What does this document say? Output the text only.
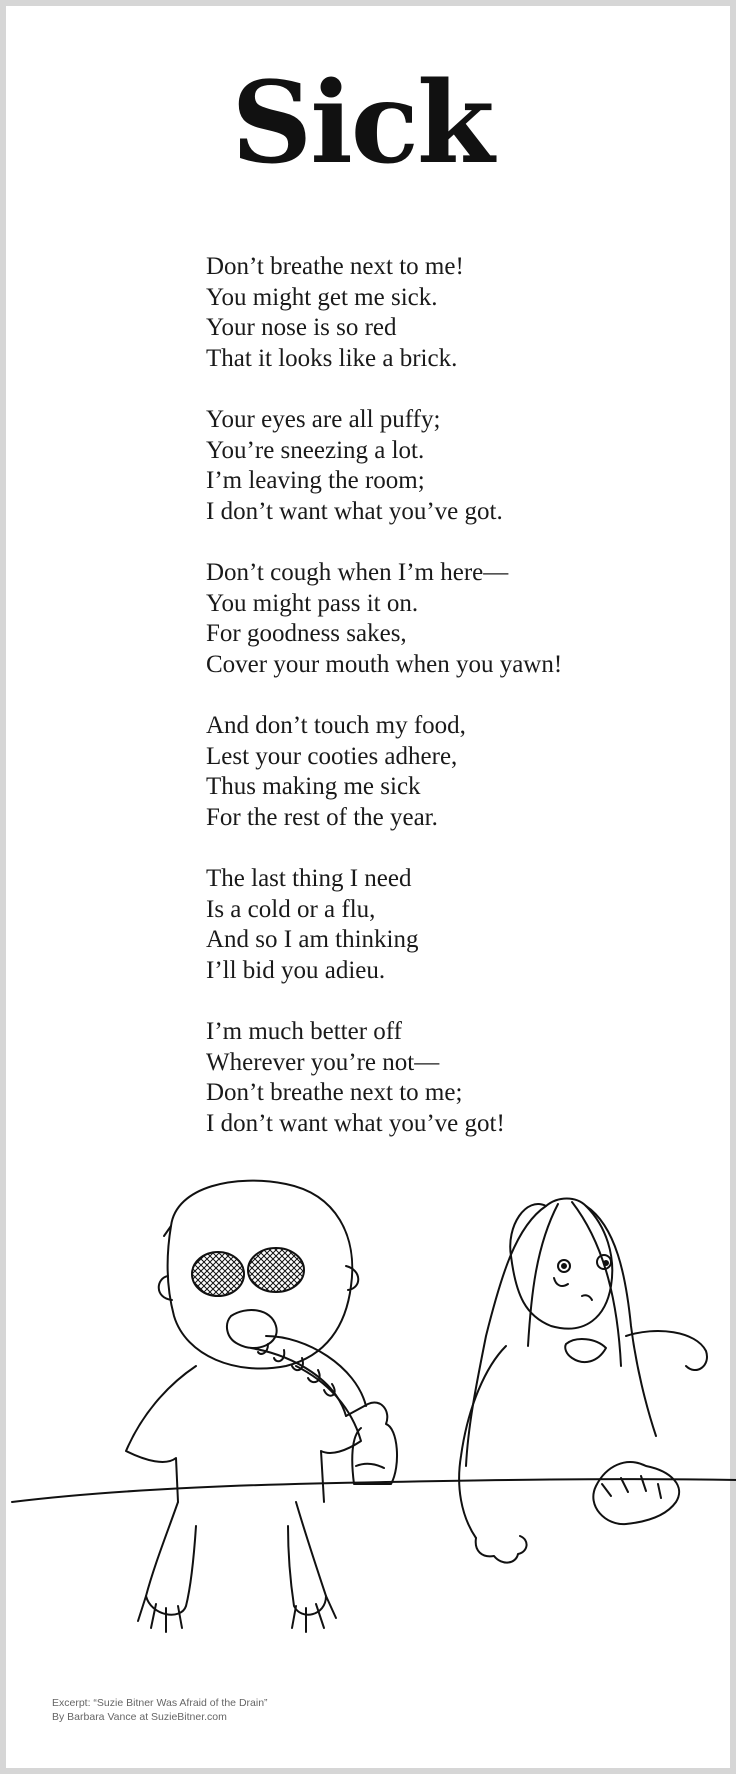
Sick
Don’t breathe next to me!
You might get me sick.
Your nose is so red
That it looks like a brick.
Your eyes are all puffy;
You’re sneezing a lot.
I’m leaving the room;
I don’t want what you’ve got.
Don’t cough when I’m here—
You might pass it on.
For goodness sakes,
Cover your mouth when you yawn!
And don’t touch my food,
Lest your cooties adhere,
Thus making me sick
For the rest of the year.
The last thing I need
Is a cold or a flu,
And so I am thinking
I’ll bid you adieu.
I’m much better off
Wherever you’re not—
Don’t breathe next to me;
I don’t want what you’ve got!
Excerpt: “Suzie Bitner Was Afraid of the Drain”
By Barbara Vance at SuzieBitner.com
